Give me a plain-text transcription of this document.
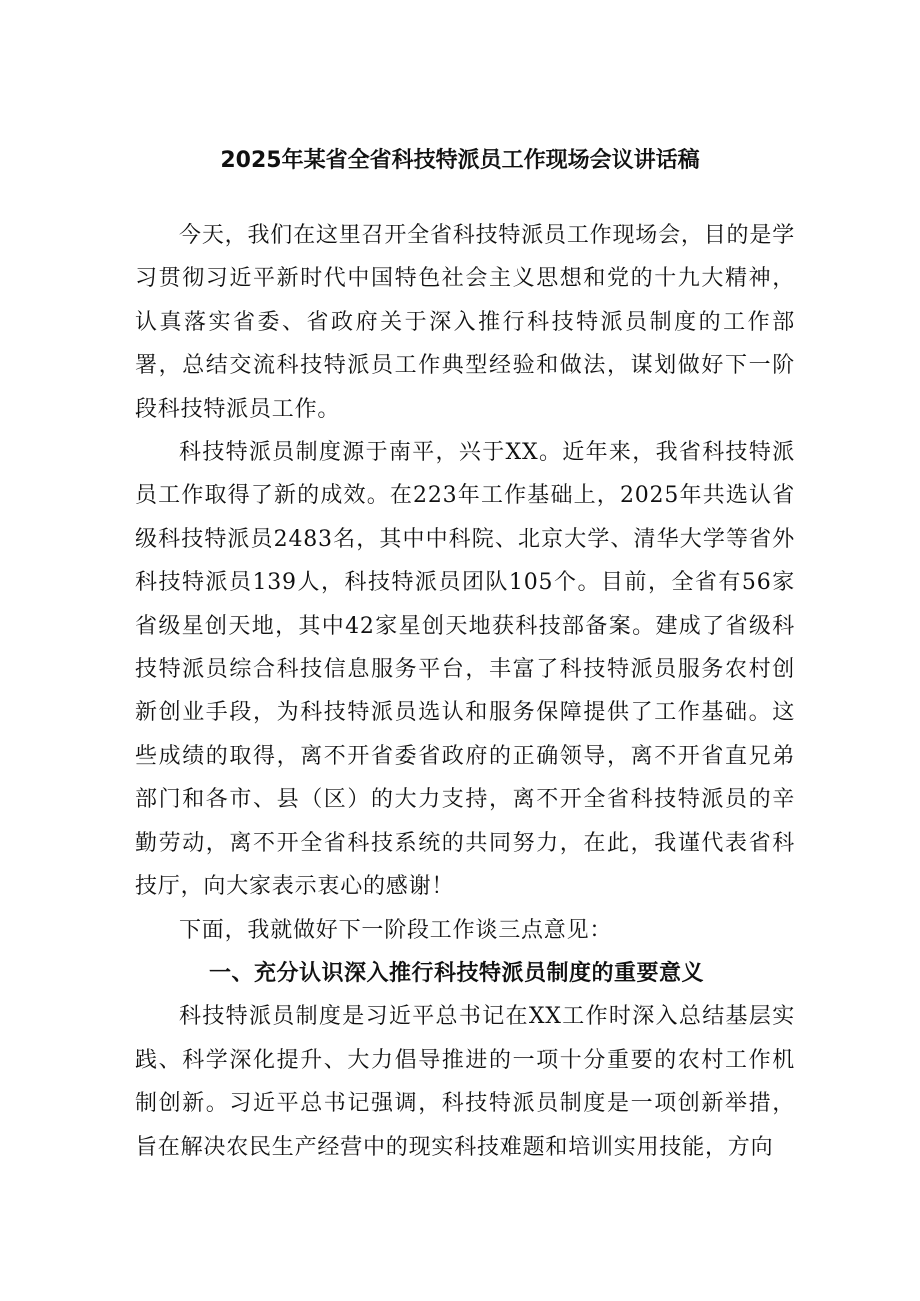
2025年某省全省科技特派员工作现场会议讲话稿

今天，我们在这里召开全省科技特派员工作现场会，目的是学习贯彻习近平新时代中国特色社会主义思想和党的十九大精神，认真落实省委、省政府关于深入推行科技特派员制度的工作部署，总结交流科技特派员工作典型经验和做法，谋划做好下一阶段科技特派员工作。

科技特派员制度源于南平，兴于XX。近年来，我省科技特派员工作取得了新的成效。在223年工作基础上，2025年共选认省级科技特派员2483名，其中中科院、北京大学、清华大学等省外科技特派员139人，科技特派员团队105个。目前，全省有56家省级星创天地，其中42家星创天地获科技部备案。建成了省级科技特派员综合科技信息服务平台，丰富了科技特派员服务农村创新创业手段，为科技特派员选认和服务保障提供了工作基础。这些成绩的取得，离不开省委省政府的正确领导，离不开省直兄弟部门和各市、县（区）的大力支持，离不开全省科技特派员的辛勤劳动，离不开全省科技系统的共同努力，在此，我谨代表省科技厅，向大家表示衷心的感谢！

下面，我就做好下一阶段工作谈三点意见：

一、充分认识深入推行科技特派员制度的重要意义

科技特派员制度是习近平总书记在XX工作时深入总结基层实践、科学深化提升、大力倡导推进的一项十分重要的农村工作机制创新。习近平总书记强调，科技特派员制度是一项创新举措，旨在解决农民生产经营中的现实科技难题和培训实用技能，方向
